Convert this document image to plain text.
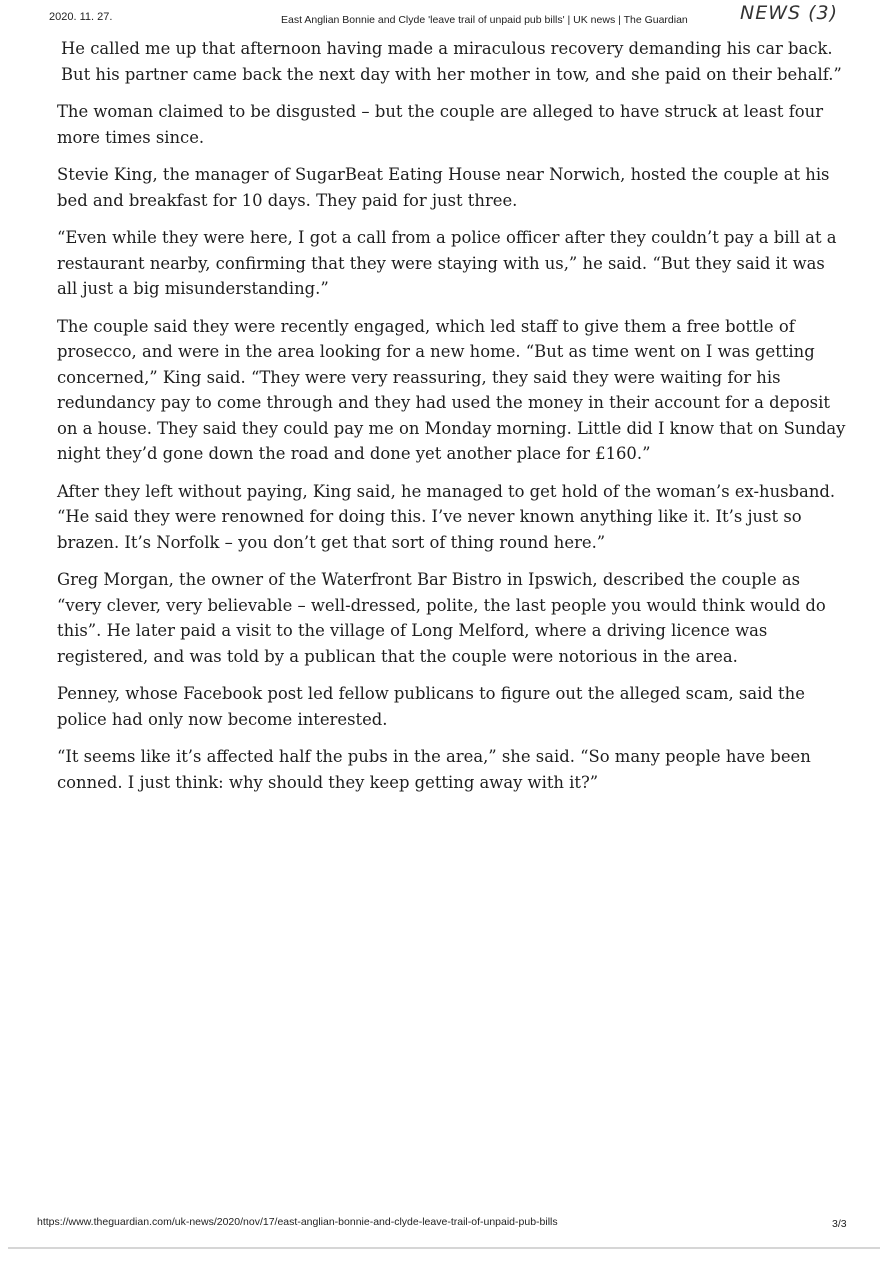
2020. 11. 27.	East Anglian Bonnie and Clyde 'leave trail of unpaid pub bills' | UK news | The Guardian	NEWS (3)

He called me up that afternoon having made a miraculous recovery demanding his car back. But his partner came back the next day with her mother in tow, and she paid on their behalf.”

The woman claimed to be disgusted – but the couple are alleged to have struck at least four more times since.

Stevie King, the manager of SugarBeat Eating House near Norwich, hosted the couple at his bed and breakfast for 10 days. They paid for just three.

“Even while they were here, I got a call from a police officer after they couldn’t pay a bill at a restaurant nearby, confirming that they were staying with us,” he said. “But they said it was all just a big misunderstanding.”

The couple said they were recently engaged, which led staff to give them a free bottle of prosecco, and were in the area looking for a new home. “But as time went on I was getting concerned,” King said. “They were very reassuring, they said they were waiting for his redundancy pay to come through and they had used the money in their account for a deposit on a house. They said they could pay me on Monday morning. Little did I know that on Sunday night they’d gone down the road and done yet another place for £160.”

After they left without paying, King said, he managed to get hold of the woman’s ex-husband. “He said they were renowned for doing this. I’ve never known anything like it. It’s just so brazen. It’s Norfolk – you don’t get that sort of thing round here.”

Greg Morgan, the owner of the Waterfront Bar Bistro in Ipswich, described the couple as “very clever, very believable – well-dressed, polite, the last people you would think would do this”. He later paid a visit to the village of Long Melford, where a driving licence was registered, and was told by a publican that the couple were notorious in the area.

Penney, whose Facebook post led fellow publicans to figure out the alleged scam, said the police had only now become interested.

“It seems like it’s affected half the pubs in the area,” she said. “So many people have been conned. I just think: why should they keep getting away with it?”

https://www.theguardian.com/uk-news/2020/nov/17/east-anglian-bonnie-and-clyde-leave-trail-of-unpaid-pub-bills	3/3
